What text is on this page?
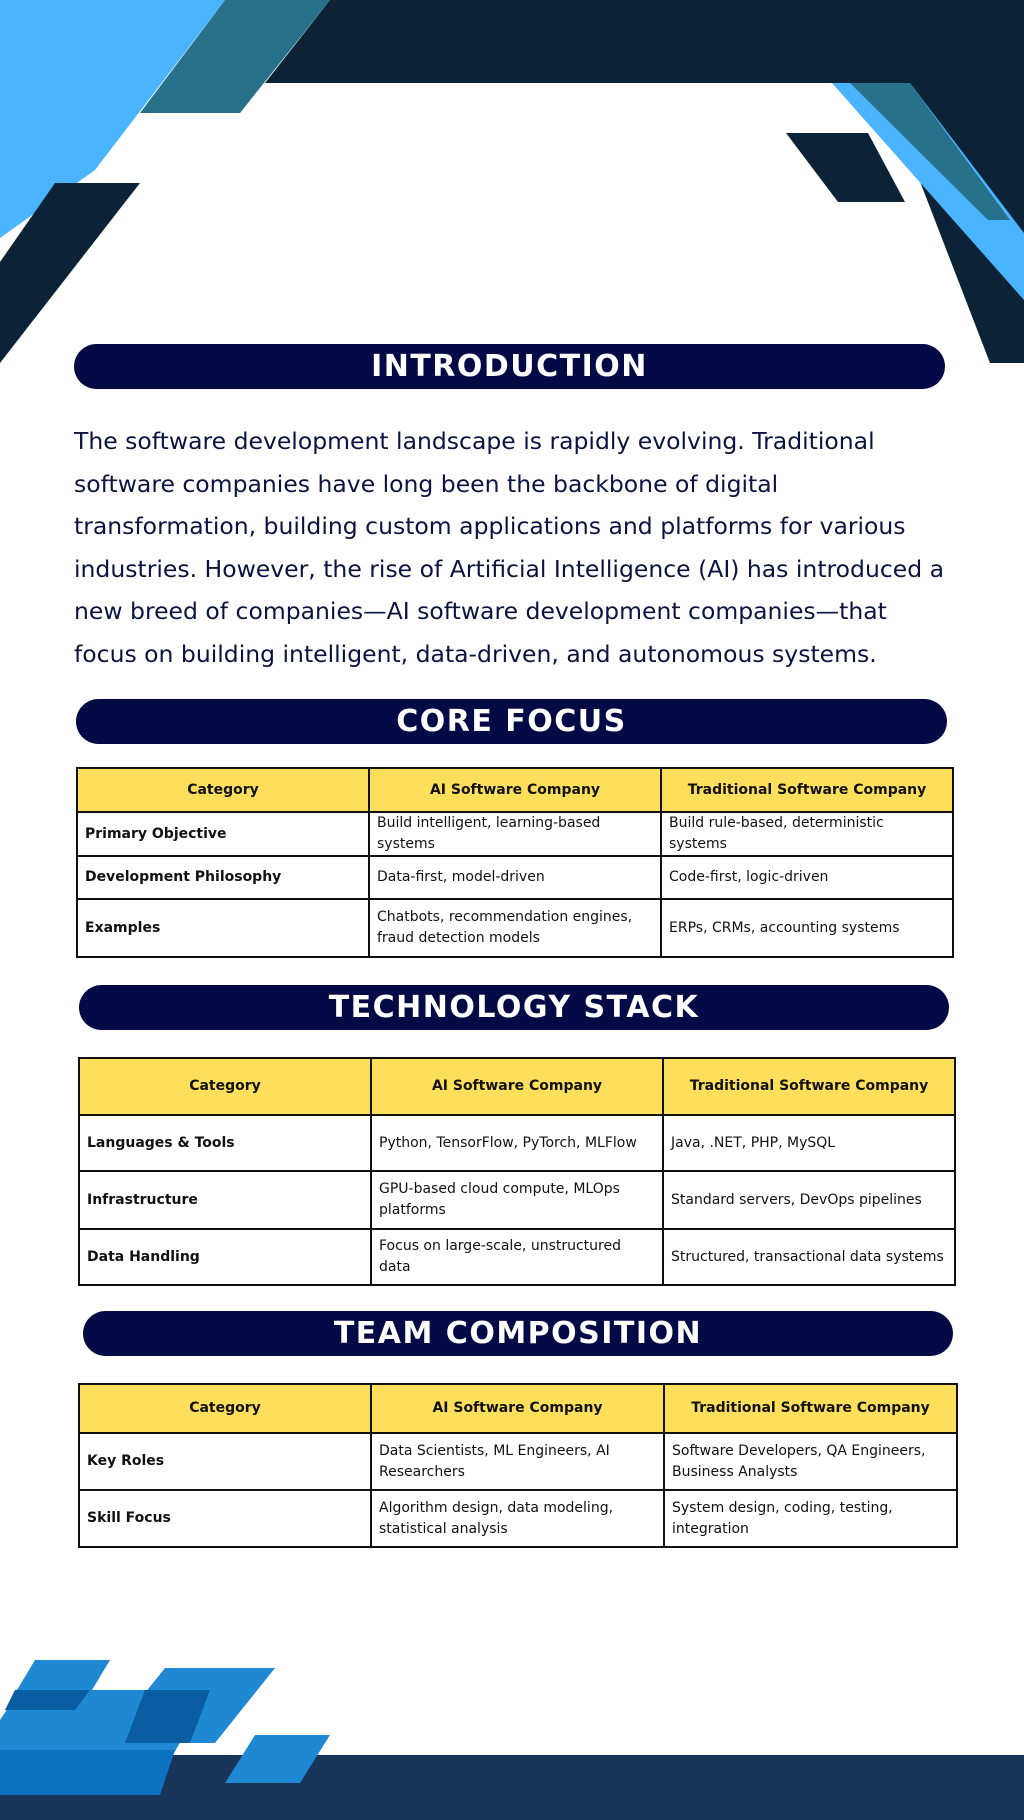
INTRODUCTION

The software development landscape is rapidly evolving. Traditional software companies have long been the backbone of digital transformation, building custom applications and platforms for various industries. However, the rise of Artificial Intelligence (AI) has introduced a new breed of companies—AI software development companies—that focus on building intelligent, data-driven, and autonomous systems.

CORE FOCUS
Category	AI Software Company	Traditional Software Company
Primary Objective	Build intelligent, learning-based systems	Build rule-based, deterministic systems
Development Philosophy	Data-first, model-driven	Code-first, logic-driven
Examples	Chatbots, recommendation engines, fraud detection models	ERPs, CRMs, accounting systems
TECHNOLOGY STACK
Category	AI Software Company	Traditional Software Company
Languages & Tools	Python, TensorFlow, PyTorch, MLFlow	Java, .NET, PHP, MySQL
Infrastructure	GPU-based cloud compute, MLOps platforms	Standard servers, DevOps pipelines
Data Handling	Focus on large-scale, unstructured data	Structured, transactional data systems
TEAM COMPOSITION
Category	AI Software Company	Traditional Software Company
Key Roles	Data Scientists, ML Engineers, AI Researchers	Software Developers, QA Engineers, Business Analysts
Skill Focus	Algorithm design, data modeling, statistical analysis	System design, coding, testing, integration
